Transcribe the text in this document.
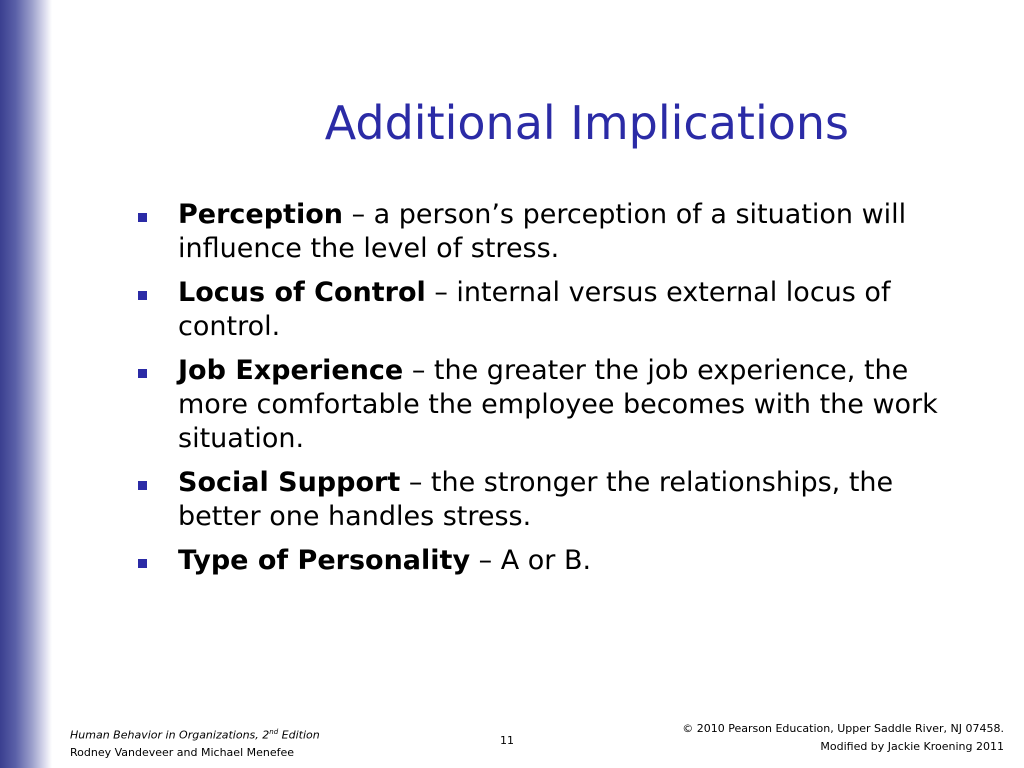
Additional Implications
Perception – a person’s perception of a situation will influence the level of stress.
Locus of Control – internal versus external locus of control.
Job Experience – the greater the job experience, the more comfortable the employee becomes with the work situation.
Social Support – the stronger the relationships, the better one handles stress.
Type of Personality – A or B.
Human Behavior in Organizations, 2nd Edition
Rodney Vandeveer and Michael Menefee
11
© 2010 Pearson Education, Upper Saddle River, NJ 07458.
Modified by Jackie Kroening 2011
